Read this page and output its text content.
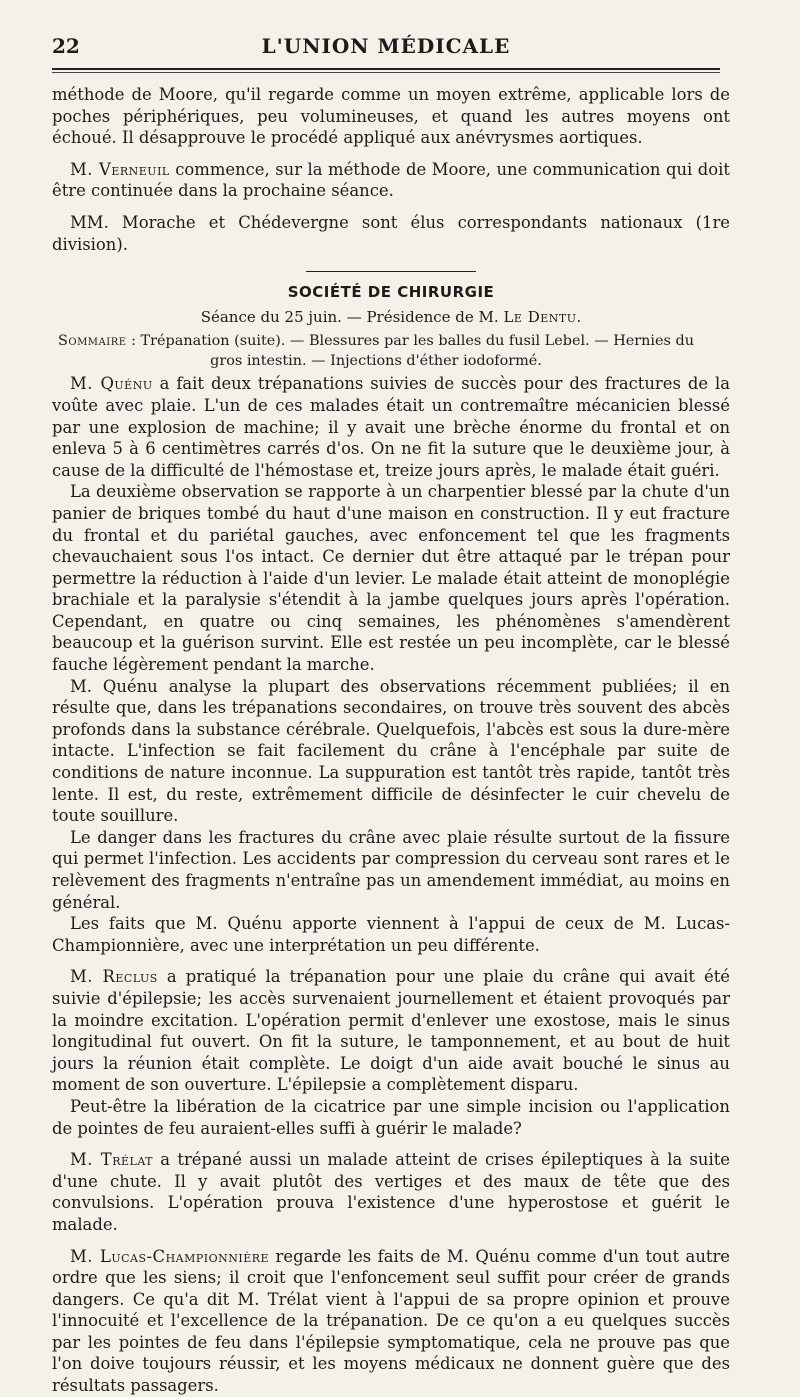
22	L'UNION MÉDICALE

méthode de Moore, qu'il regarde comme un moyen extrême, applicable lors de poches périphériques, peu volumineuses, et quand les autres moyens ont échoué. Il désapprouve le procédé appliqué aux anévrysmes aortiques.

M. Verneuil commence, sur la méthode de Moore, une communication qui doit être continuée dans la prochaine séance.

MM. Morache et Chédevergne sont élus correspondants nationaux (1re division).

SOCIÉTÉ DE CHIRURGIE
Séance du 25 juin. — Présidence de M. Le Dentu.

Sommaire : Trépanation (suite). — Blessures par les balles du fusil Lebel. — Hernies du gros intestin. — Injections d'éther iodoformé.

M. Quénu a fait deux trépanations suivies de succès pour des fractures de la voûte avec plaie. L'un de ces malades était un contremaître mécanicien blessé par une explosion de machine; il y avait une brèche énorme du frontal et on enleva 5 à 6 centimètres carrés d'os. On ne fit la suture que le deuxième jour, à cause de la difficulté de l'hémostase et, treize jours après, le malade était guéri.

La deuxième observation se rapporte à un charpentier blessé par la chute d'un panier de briques tombé du haut d'une maison en construction. Il y eut fracture du frontal et du pariétal gauches, avec enfoncement tel que les fragments chevauchaient sous l'os intact. Ce dernier dut être attaqué par le trépan pour permettre la réduction à l'aide d'un levier. Le malade était atteint de monoplégie brachiale et la paralysie s'étendit à la jambe quelques jours après l'opération. Cependant, en quatre ou cinq semaines, les phénomènes s'amendèrent beaucoup et la guérison survint. Elle est restée un peu incomplète, car le blessé fauche légèrement pendant la marche.

M. Quénu analyse la plupart des observations récemment publiées; il en résulte que, dans les trépanations secondaires, on trouve très souvent des abcès profonds dans la substance cérébrale. Quelquefois, l'abcès est sous la dure-mère intacte. L'infection se fait facilement du crâne à l'encéphale par suite de conditions de nature inconnue. La suppuration est tantôt très rapide, tantôt très lente. Il est, du reste, extrêmement difficile de désinfecter le cuir chevelu de toute souillure.

Le danger dans les fractures du crâne avec plaie résulte surtout de la fissure qui permet l'infection. Les accidents par compression du cerveau sont rares et le relèvement des fragments n'entraîne pas un amendement immédiat, au moins en général.

Les faits que M. Quénu apporte viennent à l'appui de ceux de M. Lucas-Championnière, avec une interprétation un peu différente.

M. Reclus a pratiqué la trépanation pour une plaie du crâne qui avait été suivie d'épilepsie; les accès survenaient journellement et étaient provoqués par la moindre excitation. L'opération permit d'enlever une exostose, mais le sinus longitudinal fut ouvert. On fit la suture, le tamponnement, et au bout de huit jours la réunion était complète. Le doigt d'un aide avait bouché le sinus au moment de son ouverture. L'épilepsie a complètement disparu.

Peut-être la libération de la cicatrice par une simple incision ou l'application de pointes de feu auraient-elles suffi à guérir le malade?

M. Trélat a trépané aussi un malade atteint de crises épileptiques à la suite d'une chute. Il y avait plutôt des vertiges et des maux de tête que des convulsions. L'opération prouva l'existence d'une hyperostose et guérit le malade.

M. Lucas-Championnière regarde les faits de M. Quénu comme d'un tout autre ordre que les siens; il croit que l'enfoncement seul suffit pour créer de grands dangers. Ce qu'a dit M. Trélat vient à l'appui de sa propre opinion et prouve l'innocuité et l'excellence de la trépanation. De ce qu'on a eu quelques succès par les pointes de feu dans l'épilepsie symptomatique, cela ne prouve pas que l'on doive toujours réussir, et les moyens médicaux ne donnent guère que des résultats passagers.
